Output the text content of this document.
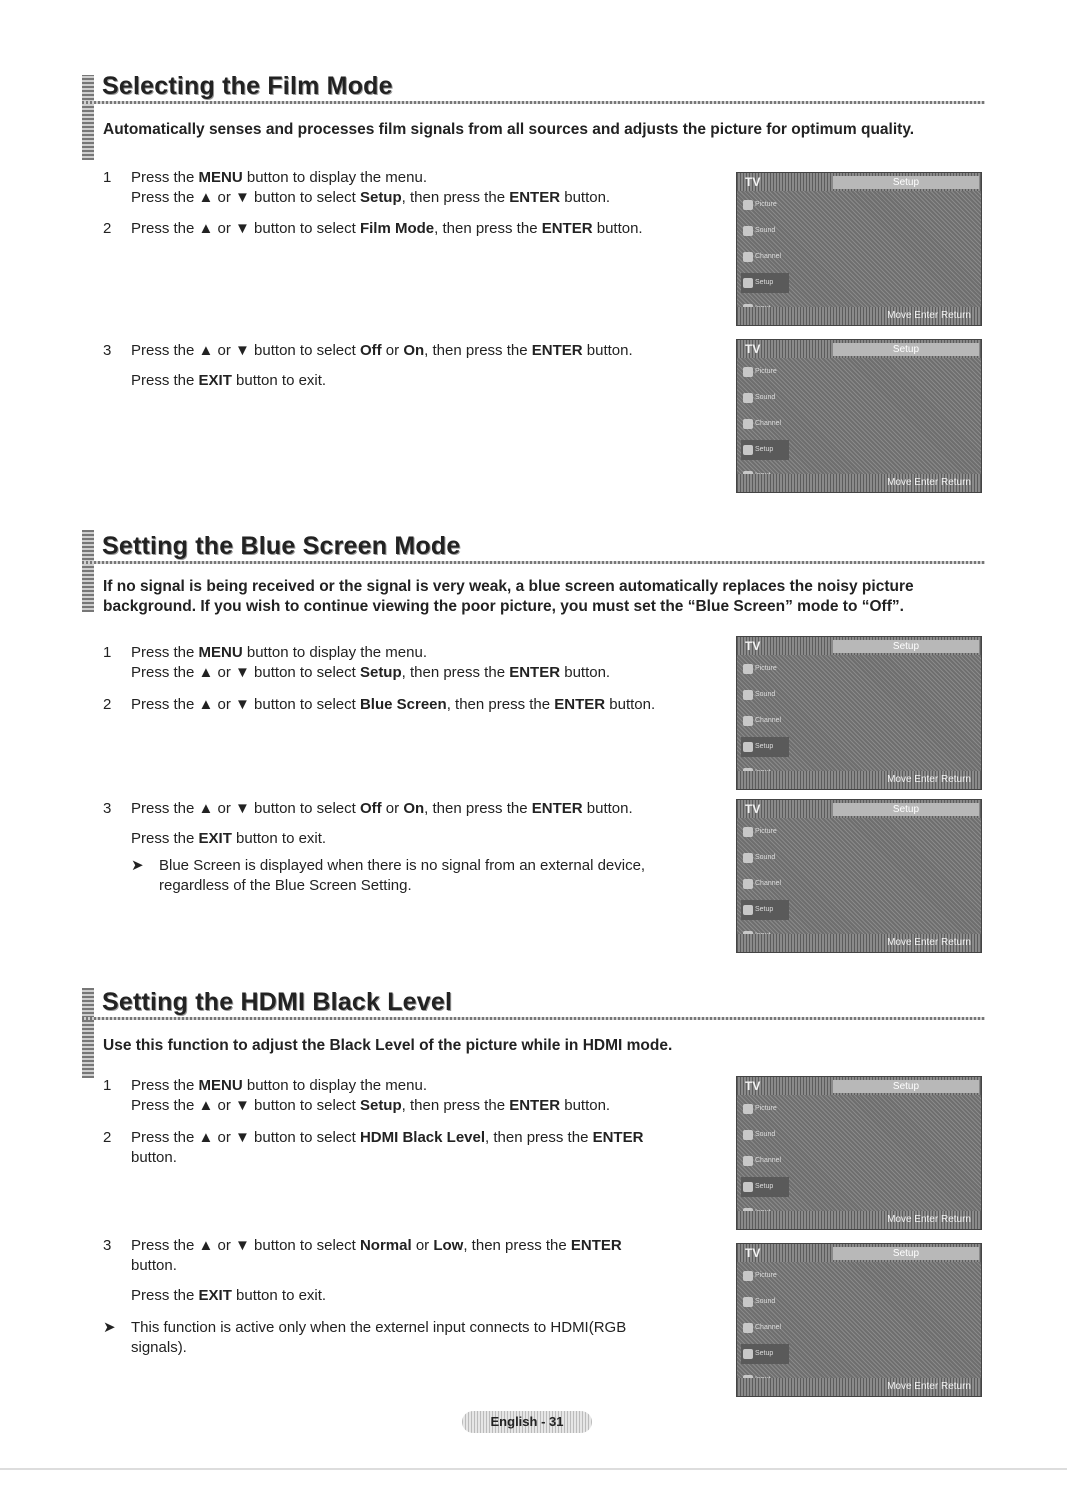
Selecting the Film Mode

Automatically senses and processes film signals from all sources and adjusts the picture for optimum quality.

1	Press the MENU button to display the menu.
Press the ▲ or ▼ button to select Setup, then press the ENTER button.
2	Press the ▲ or ▼ button to select Film Mode, then press the ENTER button.
3	Press the ▲ or ▼ button to select Off or On, then press the ENTER button.
Press the EXIT button to exit.
TV	Setup
Picture
Sound
Channel
Setup
Move Enter Return
TV	Setup
Picture
Sound
Channel
Setup
Move Enter Return
Setting the Blue Screen Mode

If no signal is being received or the signal is very weak, a blue screen automatically replaces the noisy picture background. If you wish to continue viewing the poor picture, you must set the “Blue Screen” mode to “Off”.

1	Press the MENU button to display the menu.
Press the ▲ or ▼ button to select Setup, then press the ENTER button.
2	Press the ▲ or ▼ button to select Blue Screen, then press the ENTER button.
3	Press the ▲ or ▼ button to select Off or On, then press the ENTER button.
Press the EXIT button to exit.
➤ Blue Screen is displayed when there is no signal from an external device, regardless of the Blue Screen Setting.
TV	Setup
Picture
Sound
Channel
Setup
Move Enter Return
TV	Setup
Picture
Sound
Channel
Setup
Move Enter Return
Setting the HDMI Black Level

Use this function to adjust the Black Level of the picture while in HDMI mode.

1	Press the MENU button to display the menu.
Press the ▲ or ▼ button to select Setup, then press the ENTER button.
2	Press the ▲ or ▼ button to select HDMI Black Level, then press the ENTER
button.
3	Press the ▲ or ▼ button to select Normal or Low, then press the ENTER
button.
Press the EXIT button to exit.
➤ This function is active only when the externel input connects to HDMI(RGB signals).
TV	Setup
Picture
Sound
Channel
Setup
Move Enter Return
TV	Setup
Picture
Sound
Channel
Setup
Move Enter Return
English - 31
